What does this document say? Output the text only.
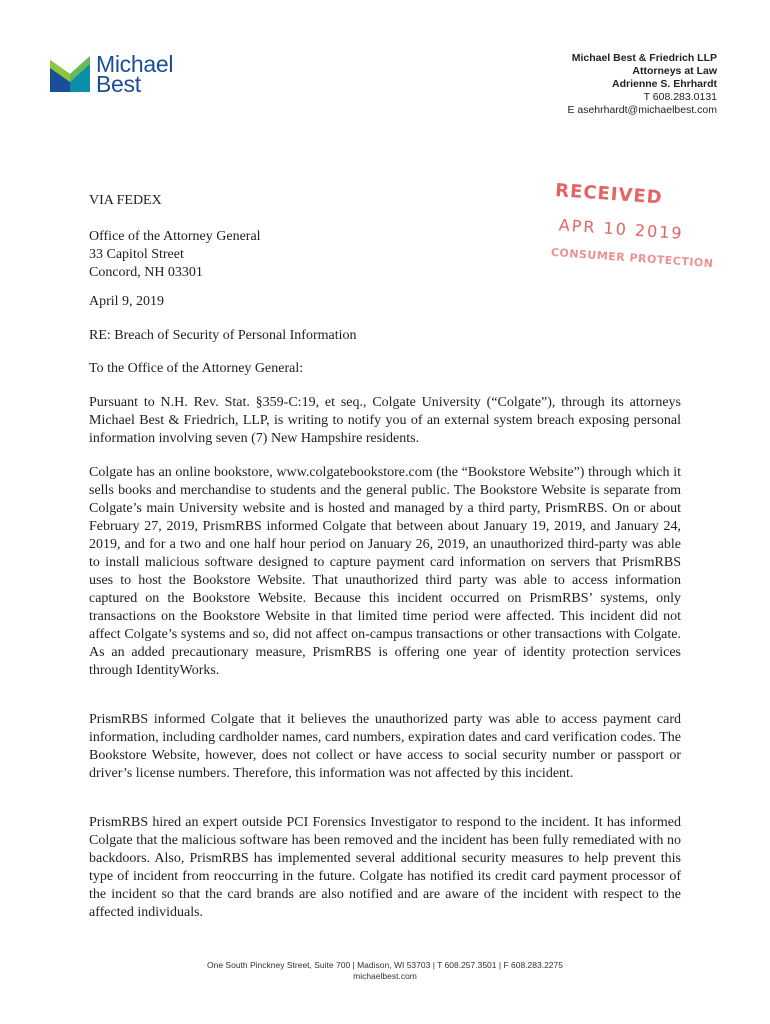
Michael
Best
Michael Best & Friedrich LLP
Attorneys at Law
Adrienne S. Ehrhardt
T 608.283.0131
E asehrhardt@michaelbest.com
RECEIVED
APR 10 2019
CONSUMER PROTECTION
VIA FEDEX
Office of the Attorney General
33 Capitol Street
Concord, NH 03301
April 9, 2019
RE: Breach of Security of Personal Information
To the Office of the Attorney General:
Pursuant to N.H. Rev. Stat. §359-C:19, et seq., Colgate University (“Colgate”), through its attorneys Michael Best & Friedrich, LLP, is writing to notify you of an external system breach exposing personal information involving seven (7) New Hampshire residents.
Colgate has an online bookstore, www.colgatebookstore.com (the “Bookstore Website”) through which it sells books and merchandise to students and the general public. The Bookstore Website is separate from Colgate’s main University website and is hosted and managed by a third party, PrismRBS. On or about February 27, 2019, PrismRBS informed Colgate that between about January 19, 2019, and January 24, 2019, and for a two and one half hour period on January 26, 2019, an unauthorized third-party was able to install malicious software designed to capture payment card information on servers that PrismRBS uses to host the Bookstore Website. That unauthorized third party was able to access information captured on the Bookstore Website. Because this incident occurred on PrismRBS’ systems, only transactions on the Bookstore Website in that limited time period were affected. This incident did not affect Colgate’s systems and so, did not affect on-campus transactions or other transactions with Colgate. As an added precautionary measure, PrismRBS is offering one year of identity protection services through IdentityWorks.
PrismRBS informed Colgate that it believes the unauthorized party was able to access payment card information, including cardholder names, card numbers, expiration dates and card verification codes. The Bookstore Website, however, does not collect or have access to social security number or passport or driver’s license numbers. Therefore, this information was not affected by this incident.
PrismRBS hired an expert outside PCI Forensics Investigator to respond to the incident. It has informed Colgate that the malicious software has been removed and the incident has been fully remediated with no backdoors. Also, PrismRBS has implemented several additional security measures to help prevent this type of incident from reoccurring in the future. Colgate has notified its credit card payment processor of the incident so that the card brands are also notified and are aware of the incident with respect to the affected individuals.
One South Pinckney Street, Suite 700 | Madison, WI 53703 | T 608.257.3501 | F 608.283.2275
michaelbest.com
